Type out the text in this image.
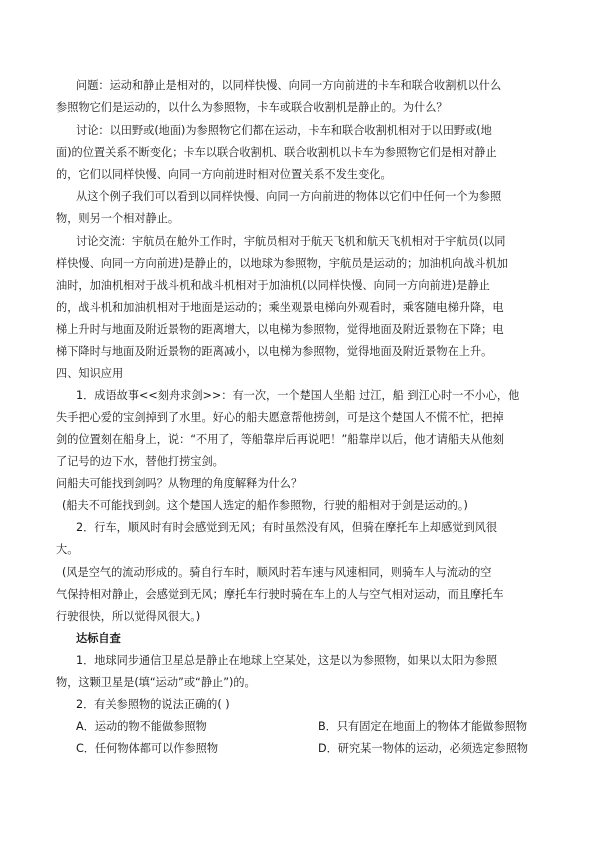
问题：运动和静止是相对的，以同样快慢、向同一方向前进的卡车和联合收割机以什么
参照物它们是运动的，以什么为参照物，卡车或联合收割机是静止的。为什么？
讨论：以田野或(地面)为参照物它们都在运动，卡车和联合收割机相对于以田野或(地
面)的位置关系不断变化；卡车以联合收割机、联合收割机以卡车为参照物它们是相对静止
的，它们以同样快慢、向同一方向前进时相对位置关系不发生变化。
从这个例子我们可以看到以同样快慢、向同一方向前进的物体以它们中任何一个为参照
物，则另一个相对静止。
讨论交流：宇航员在舱外工作时，宇航员相对于航天飞机和航天飞机相对于宇航员(以同
样快慢、向同一方向前进)是静止的，以地球为参照物，宇航员是运动的；加油机向战斗机加
油时，加油机相对于战斗机和战斗机相对于加油机(以同样快慢、向同一方向前进)是静止
的，战斗机和加油机相对于地面是运动的；乘坐观景电梯向外观看时，乘客随电梯升降，电
梯上升时与地面及附近景物的距离增大，以电梯为参照物，觉得地面及附近景物在下降；电
梯下降时与地面及附近景物的距离减小，以电梯为参照物，觉得地面及附近景物在上升。
四、知识应用
1．成语故事<<刻舟求剑>>：有一次，一个楚国人坐船 过江，船 到江心时一不小心，他
失手把心爱的宝剑掉到了水里。好心的船夫愿意帮他捞剑，可是这个楚国人不慌不忙，把掉
剑的位置刻在船身上，说：“不用了，等船靠岸后再说吧！”船靠岸以后，他才请船夫从他刻
了记号的边下水，替他打捞宝剑。
问船夫可能找到剑吗？从物理的角度解释为什么？
(船夫不可能找到剑。这个楚国人选定的船作参照物，行驶的船相对于剑是运动的。)
2．行车，顺风时有时会感觉到无风；有时虽然没有风，但骑在摩托车上却感觉到风很
大。
(风是空气的流动形成的。骑自行车时，顺风时若车速与风速相同，则骑车人与流动的空
气保持相对静止，会感觉到无风；摩托车行驶时骑在车上的人与空气相对运动，而且摩托车
行驶很快，所以觉得风很大。)
达标自查
1．地球同步通信卫星总是静止在地球上空某处，这是以为参照物，如果以太阳为参照
物，这颗卫星是(填“运动”或“静止”)的。
2．有关参照物的说法正确的( )
A．运动的物不能做参照物	B．只有固定在地面上的物体才能做参照物
C．任何物体都可以作参照物	D．研究某一物体的运动，必须选定参照物
